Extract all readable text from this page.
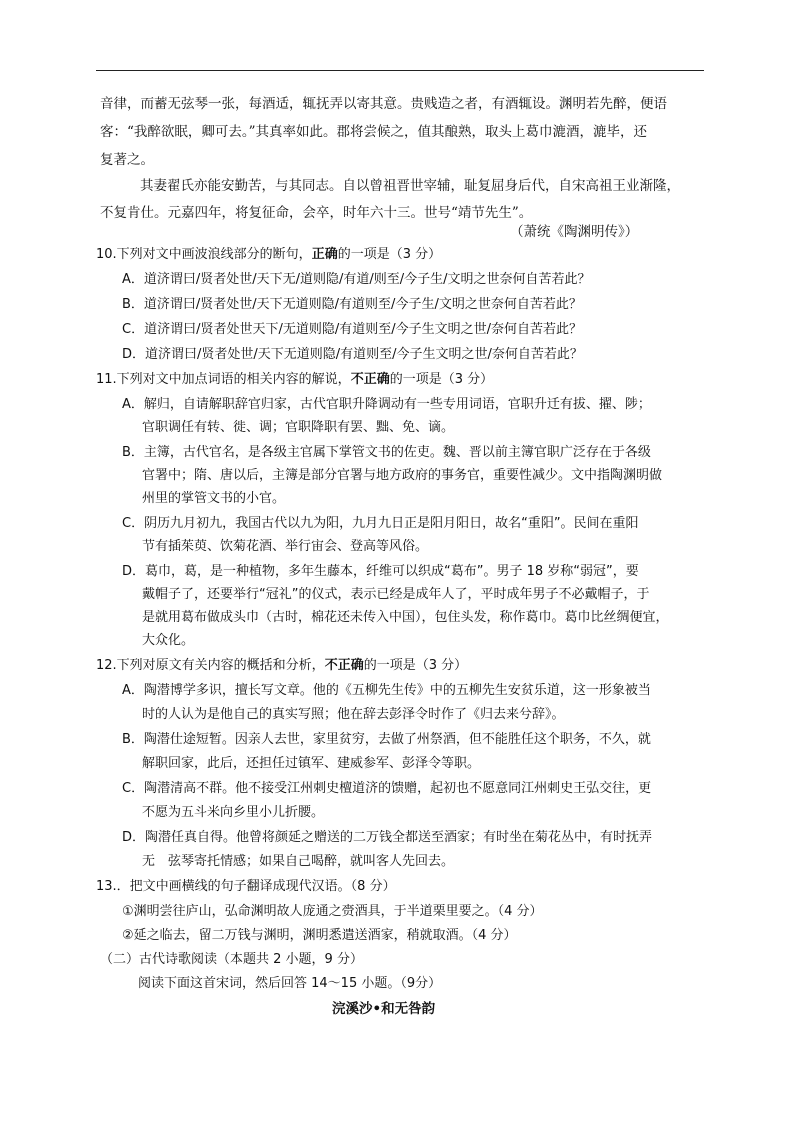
音律，而蓄无弦琴一张，每酒适，辄抚弄以寄其意。贵贱造之者，有酒辄设。渊明若先醉，便语
客：“我醉欲眠，卿可去。”其真率如此。郡将尝候之，值其酿熟，取头上葛巾漉酒，漉毕，还
复著之。
其妻翟氏亦能安勤苦，与其同志。自以曾祖晋世宰辅，耻复屈身后代，自宋高祖王业渐隆，
不复肯仕。元嘉四年，将复征命，会卒，时年六十三。世号“靖节先生”。
（萧统《陶渊明传》）
10.下列对文中画波浪线部分的断句，正确的一项是（3 分）
A．道济谓曰/贤者处世/天下无/道则隐/有道/则至/今子生/文明之世奈何自苦若此？
B．道济谓曰/贤者处世/天下无道则隐/有道则至/今子生/文明之世奈何自苦若此？
C．道济谓曰/贤者处世天下/无道则隐/有道则至/今子生文明之世/奈何自苦若此？
D．道济谓曰/贤者处世/天下无道则隐/有道则至/今子生文明之世/奈何自苦若此？
11.下列对文中加点词语的相关内容的解说，不正确的一项是（3 分）
A．解归，自请解职辞官归家，古代官职升降调动有一些专用词语，官职升迁有拔、擢、陟；
官职调任有转、徙、调；官职降职有罢、黜、免、谪。
B．主簿，古代官名，是各级主官属下掌管文书的佐吏。魏、晋以前主簿官职广泛存在于各级
官署中；隋、唐以后，主簿是部分官署与地方政府的事务官，重要性减少。文中指陶渊明做
州里的掌管文书的小官。
C．阴历九月初九，我国古代以九为阳，九月九日正是阳月阳日，故名“重阳”。民间在重阳
节有插茱萸、饮菊花酒、举行宙会、登高等风俗。
D．葛巾，葛，是一种植物，多年生藤本，纤维可以织成“葛布”。男子 18 岁称“弱冠”，要
戴帽子了，还要举行“冠礼”的仪式，表示已经是成年人了，平时成年男子不必戴帽子，于
是就用葛布做成头巾（古时，棉花还未传入中国），包住头发，称作葛巾。葛巾比丝绸便宜，
大众化。
12.下列对原文有关内容的概括和分析，不正确的一项是（3 分）
A．陶潜博学多识，擅长写文章。他的《五柳先生传》中的五柳先生安贫乐道，这一形象被当
时的人认为是他自己的真实写照；他在辞去彭泽令时作了《归去来兮辞》。
B．陶潜仕途短暂。因亲人去世，家里贫穷，去做了州祭酒，但不能胜任这个职务，不久，就
解职回家，此后，还担任过镇军、建威参军、彭泽令等职。
C．陶潜清高不群。他不接受江州刺史檀道济的馈赠，起初也不愿意同江州刺史王弘交往，更
不愿为五斗米向乡里小儿折腰。
D．陶潜任真自得。他曾将颜延之赠送的二万钱全都送至酒家；有时坐在菊花丛中，有时抚弄
无　弦琴寄托情感；如果自己喝醉，就叫客人先回去。
13.．把文中画横线的句子翻译成现代汉语。（8 分）
①渊明尝往庐山，弘命渊明故人庞通之赍酒具，于半道栗里要之。（4 分）
②延之临去，留二万钱与渊明，渊明悉遣送酒家，稍就取酒。（4 分）
（二）古代诗歌阅读（本题共 2 小题，9 分）
阅读下面这首宋词，然后回答 14～15 小题。（9分）
浣溪沙•和无咎韵
